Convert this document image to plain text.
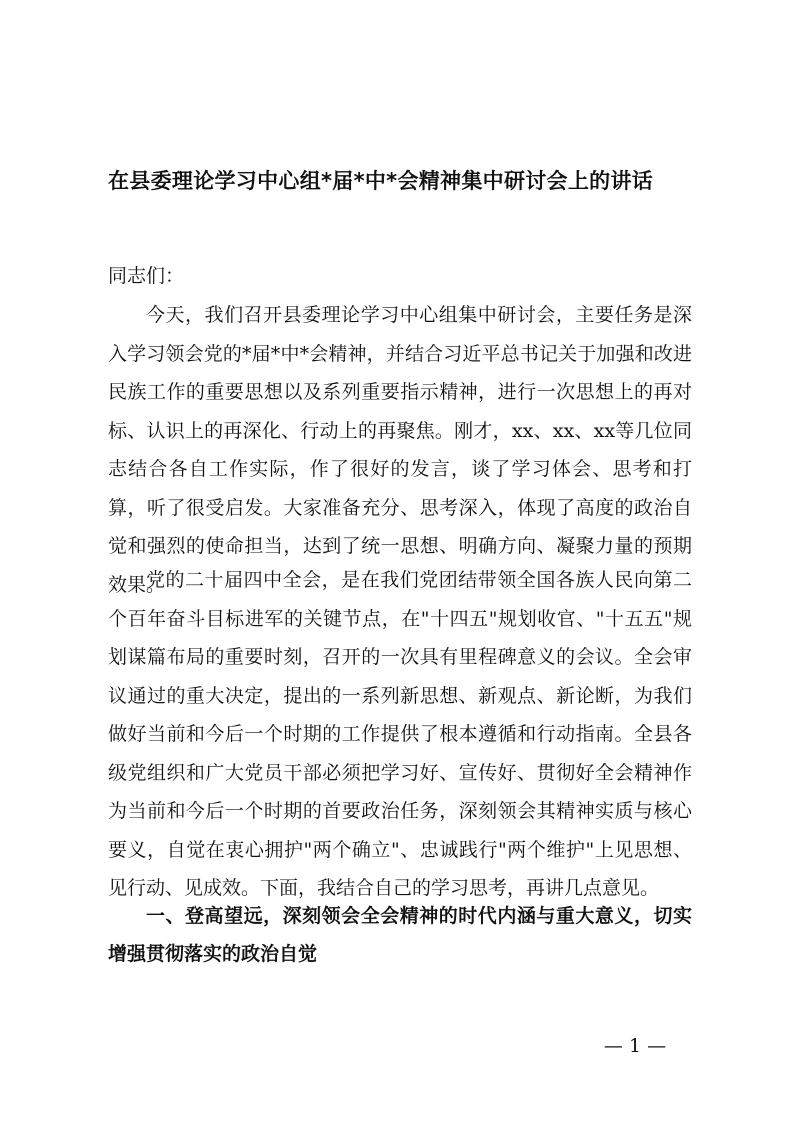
在县委理论学习中心组*届*中*会精神集中研讨会上的讲话
同志们：
今天，我们召开县委理论学习中心组集中研讨会，主要任务是深入学习领会党的*届*中*会精神，并结合习近平总书记关于加强和改进民族工作的重要思想以及系列重要指示精神，进行一次思想上的再对标、认识上的再深化、行动上的再聚焦。刚才，xx、xx、xx等几位同志结合各自工作实际，作了很好的发言，谈了学习体会、思考和打算，听了很受启发。大家准备充分、思考深入，体现了高度的政治自觉和强烈的使命担当，达到了统一思想、明确方向、凝聚力量的预期效果。
党的二十届四中全会，是在我们党团结带领全国各族人民向第二个百年奋斗目标进军的关键节点，在"十四五"规划收官、"十五五"规划谋篇布局的重要时刻，召开的一次具有里程碑意义的会议。全会审议通过的重大决定，提出的一系列新思想、新观点、新论断，为我们做好当前和今后一个时期的工作提供了根本遵循和行动指南。全县各级党组织和广大党员干部必须把学习好、宣传好、贯彻好全会精神作为当前和今后一个时期的首要政治任务，深刻领会其精神实质与核心要义，自觉在衷心拥护"两个确立"、忠诚践行"两个维护"上见思想、见行动、见成效。下面，我结合自己的学习思考，再讲几点意见。
一、登高望远，深刻领会全会精神的时代内涵与重大意义，切实增强贯彻落实的政治自觉
— 1 —
